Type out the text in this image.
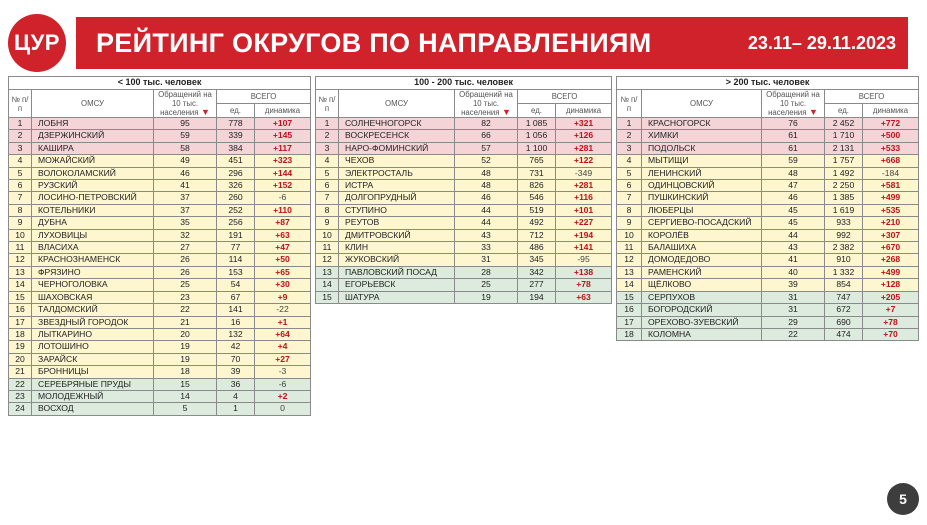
ЦУР РЕЙТИНГ ОКРУГОВ ПО НАПРАВЛЕНИЯМ	23.11– 29.11.2023
< 100 тыс. человек				
№ п/п	ОМСУ	Обращений на 10 тыс. населения ▼	ВСЕГО	
			ед.	динамика
1	ЛОБНЯ	95	778	+107
2	ДЗЕРЖИНСКИЙ	59	339	+145
3	КАШИРА	58	384	+117
4	МОЖАЙСКИЙ	49	451	+323
5	ВОЛОКОЛАМСКИЙ	46	296	+144
6	РУЗСКИЙ	41	326	+152
7	ЛОСИНО-ПЕТРОВСКИЙ	37	260	-6
8	КОТЕЛЬНИКИ	37	252	+110
9	ДУБНА	35	256	+87
10	ЛУХОВИЦЫ	32	191	+63
11	ВЛАСИХА	27	77	+47
12	КРАСНОЗНАМЕНСК	26	114	+50
13	ФРЯЗИНО	26	153	+65
14	ЧЕРНОГОЛОВКА	25	54	+30
15	ШАХОВСКАЯ	23	67	+9
16	ТАЛДОМСКИЙ	22	141	-22
17	ЗВЕЗДНЫЙ ГОРОДОК	21	16	+1
18	ЛЫТКАРИНО	20	132	+64
19	ЛОТОШИНО	19	42	+4
20	ЗАРАЙСК	19	70	+27
21	БРОННИЦЫ	18	39	-3
22	СЕРЕБРЯНЫЕ ПРУДЫ	15	36	-6
23	МОЛОДЕЖНЫЙ	14	4	+2
24	ВОСХОД	5	1	0
100 - 200 тыс. человек				
№ п/п	ОМСУ	Обращений на 10 тыс. населения ▼	ВСЕГО	
			ед.	динамика
1	СОЛНЕЧНОГОРСК	82	1 085	+321
2	ВОСКРЕСЕНСК	66	1 056	+126
3	НАРО-ФОМИНСКИЙ	57	1 100	+281
4	ЧЕХОВ	52	765	+122
5	ЭЛЕКТРОСТАЛЬ	48	731	-349
6	ИСТРА	48	826	+281
7	ДОЛГОПРУДНЫЙ	46	546	+116
8	СТУПИНО	44	519	+101
9	РЕУТОВ	44	492	+227
10	ДМИТРОВСКИЙ	43	712	+194
11	КЛИН	33	486	+141
12	ЖУКОВСКИЙ	31	345	-95
13	ПАВЛОВСКИЙ ПОСАД	28	342	+138
14	ЕГОРЬЕВСК	25	277	+78
15	ШАТУРА	19	194	+63
> 200 тыс. человек				
№ п/п	ОМСУ	Обращений на 10 тыс. населения ▼	ВСЕГО	
			ед.	динамика
1	КРАСНОГОРСК	76	2 452	+772
2	ХИМКИ	61	1 710	+500
3	ПОДОЛЬСК	61	2 131	+533
4	МЫТИЩИ	59	1 757	+668
5	ЛЕНИНСКИЙ	48	1 492	-184
6	ОДИНЦОВСКИЙ	47	2 250	+581
7	ПУШКИНСКИЙ	46	1 385	+499
8	ЛЮБЕРЦЫ	45	1 619	+535
9	СЕРГИЕВО-ПОСАДСКИЙ	45	933	+210
10	КОРОЛЁВ	44	992	+307
11	БАЛАШИХА	43	2 382	+670
12	ДОМОДЕДОВО	41	910	+268
13	РАМЕНСКИЙ	40	1 332	+499
14	ЩЁЛКОВО	39	854	+128
15	СЕРПУХОВ	31	747	+205
16	БОГОРОДСКИЙ	31	672	+7
17	ОРЕХОВО-ЗУЕВСКИЙ	29	690	+78
18	КОЛОМНА	22	474	+70
5
